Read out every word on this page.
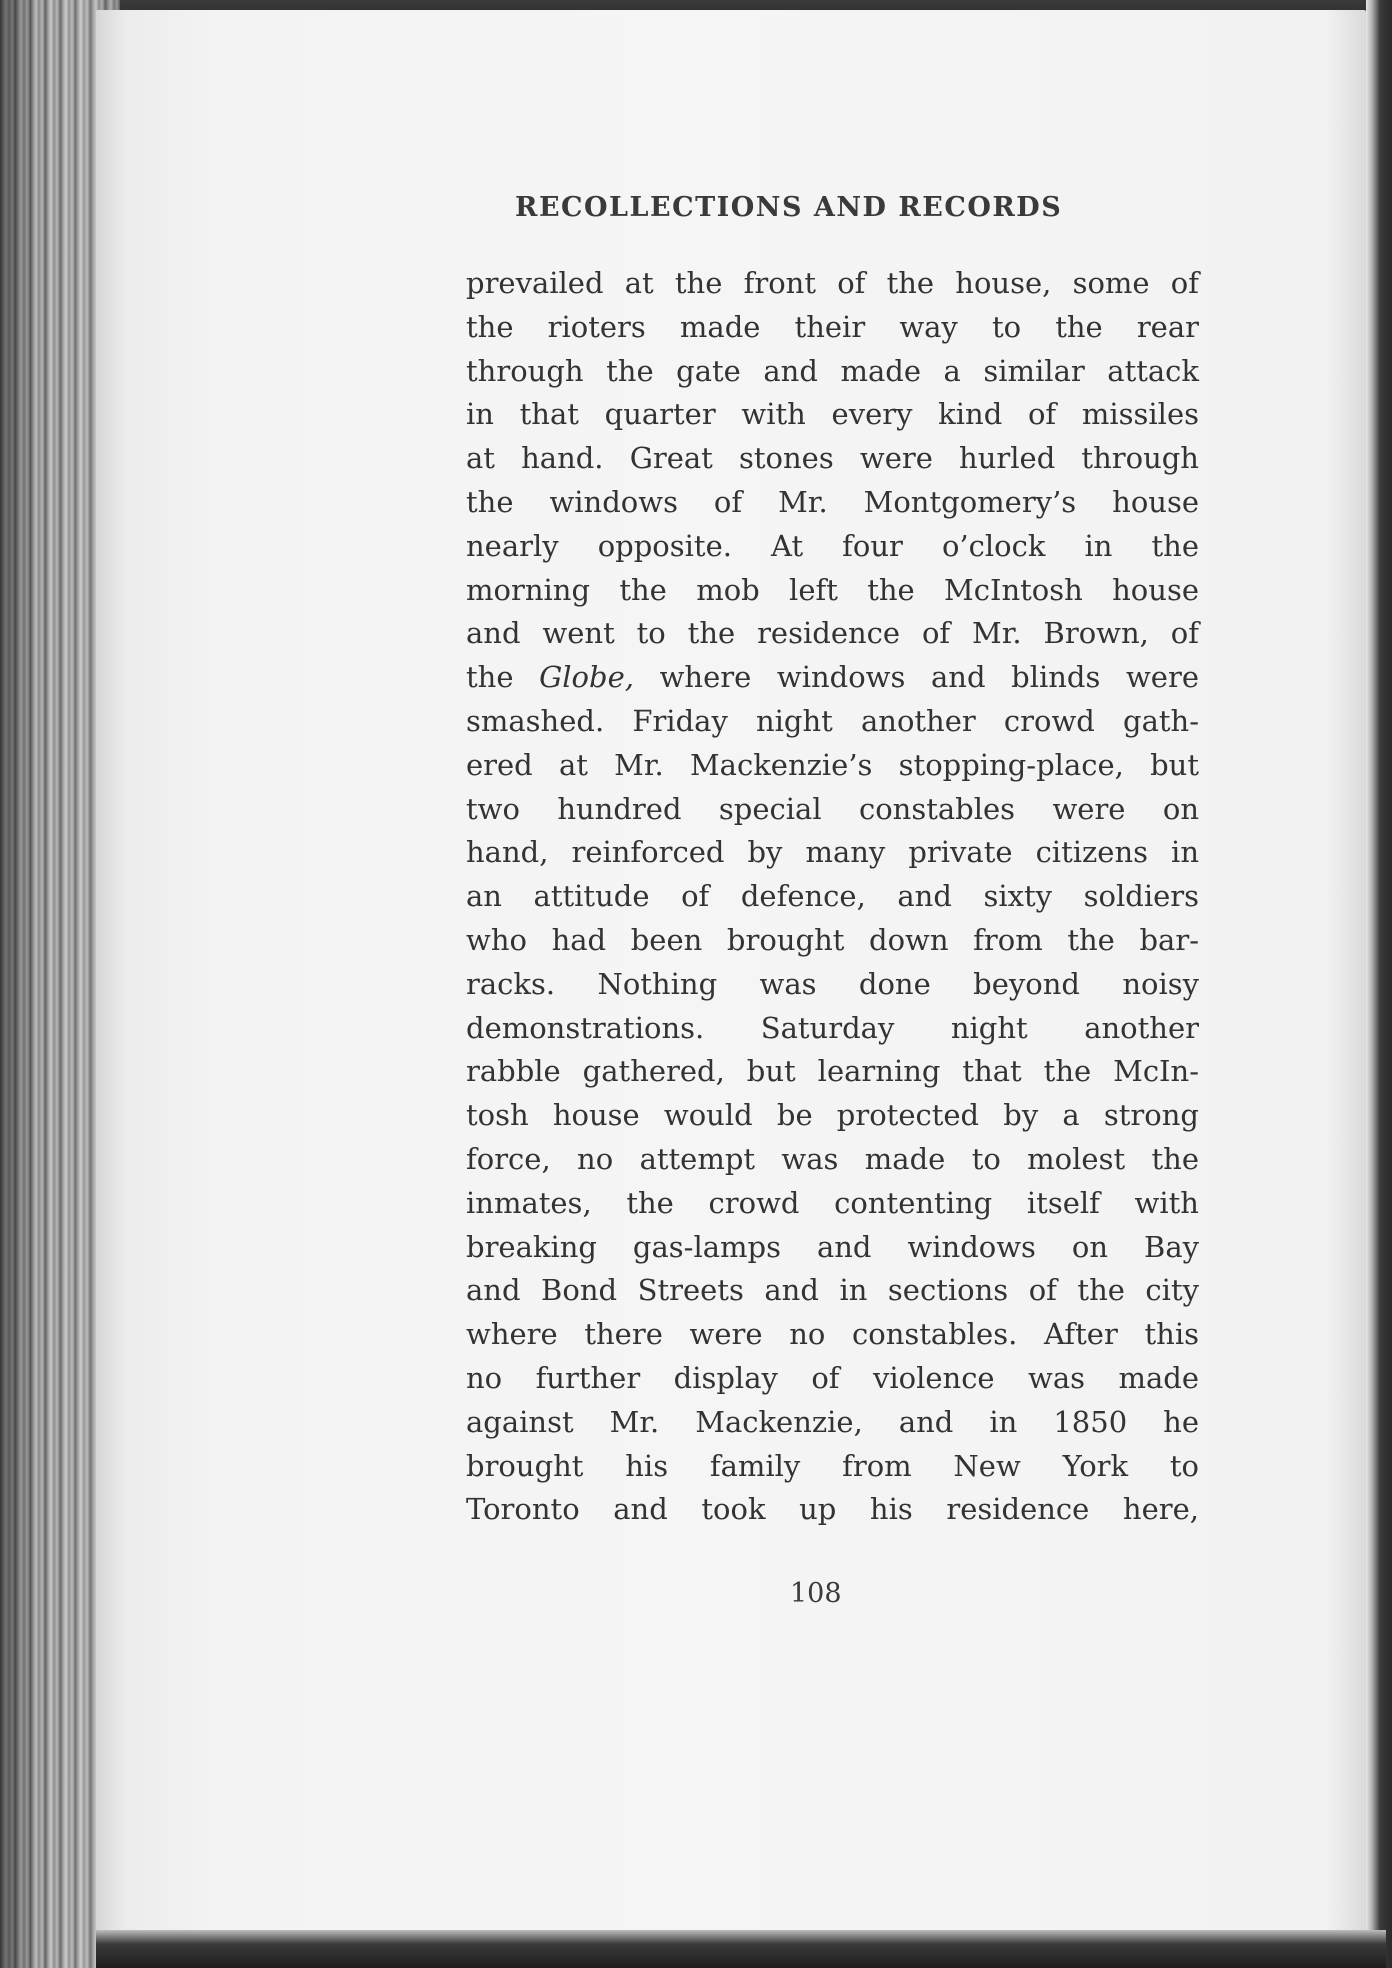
RECOLLECTIONS AND RECORDS
prevailed at the front of the house, some of
the rioters made their way to the rear
through the gate and made a similar attack
in that quarter with every kind of missiles
at hand. Great stones were hurled through
the windows of Mr. Montgomery’s house
nearly opposite. At four o’clock in the
morning the mob left the McIntosh house
and went to the residence of Mr. Brown, of
the Globe, where windows and blinds were
smashed. Friday night another crowd gath-
ered at Mr. Mackenzie’s stopping-place, but
two hundred special constables were on
hand, reinforced by many private citizens in
an attitude of defence, and sixty soldiers
who had been brought down from the bar-
racks. Nothing was done beyond noisy
demonstrations. Saturday night another
rabble gathered, but learning that the McIn-
tosh house would be protected by a strong
force, no attempt was made to molest the
inmates, the crowd contenting itself with
breaking gas-lamps and windows on Bay
and Bond Streets and in sections of the city
where there were no constables. After this
no further display of violence was made
against Mr. Mackenzie, and in 1850 he
brought his family from New York to
Toronto and took up his residence here,

108
